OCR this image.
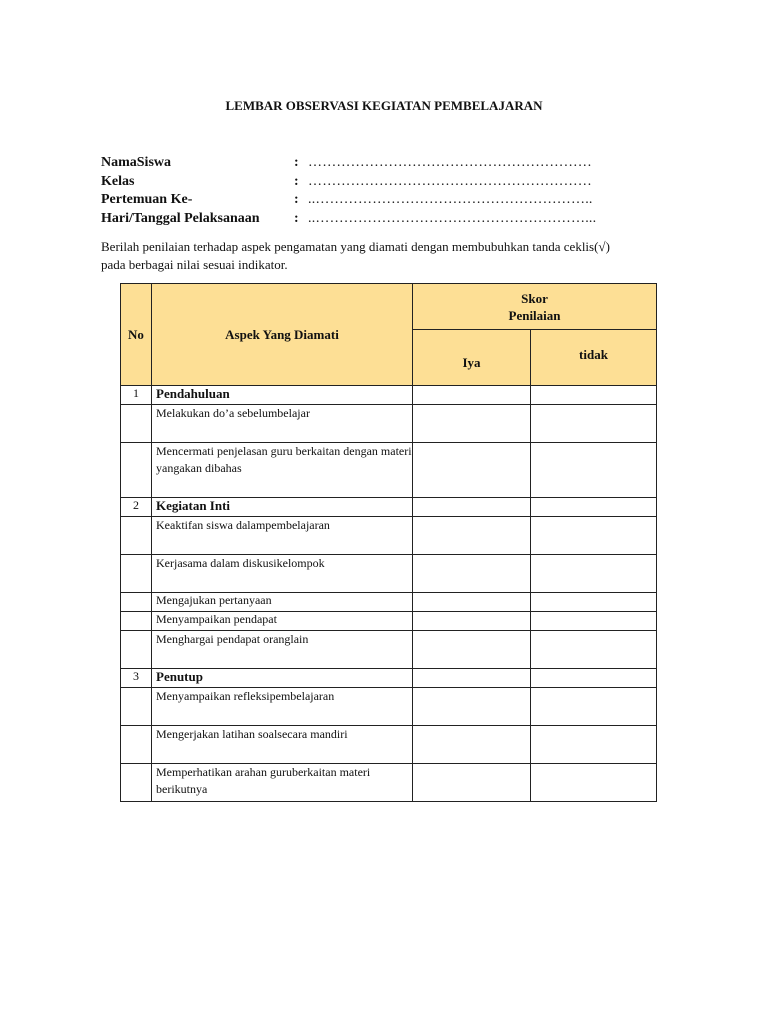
LEMBAR OBSERVASI KEGIATAN PEMBELAJARAN
NamaSiswa	: ……………………………………………………
Kelas	: ……………………………………………………
Pertemuan Ke-	: ..…………………………………………………..
Hari/Tanggal Pelaksanaan : ..…………………………………………………...
Berilah penilaian terhadap aspek pengamatan yang diamati dengan membubuhkan tanda ceklis(√) pada berbagai nilai sesuai indikator.
No	Aspek Yang Diamati	Skor
Penilaian	

		Iya	tidak
1	Pendahuluan		
	Melakukan do’a sebelumbelajar		
	Mencermati penjelasan guru berkaitan dengan materi yangakan dibahas		
2	Kegiatan Inti		
	Keaktifan siswa dalampembelajaran		
	Kerjasama dalam diskusikelompok		
	Mengajukan pertanyaan		
	Menyampaikan pendapat		
	Menghargai pendapat oranglain		
3	Penutup		
	Menyampaikan refleksipembelajaran		
	Mengerjakan latihan soalsecara mandiri		
	Memperhatikan arahan guruberkaitan materi berikutnya		
